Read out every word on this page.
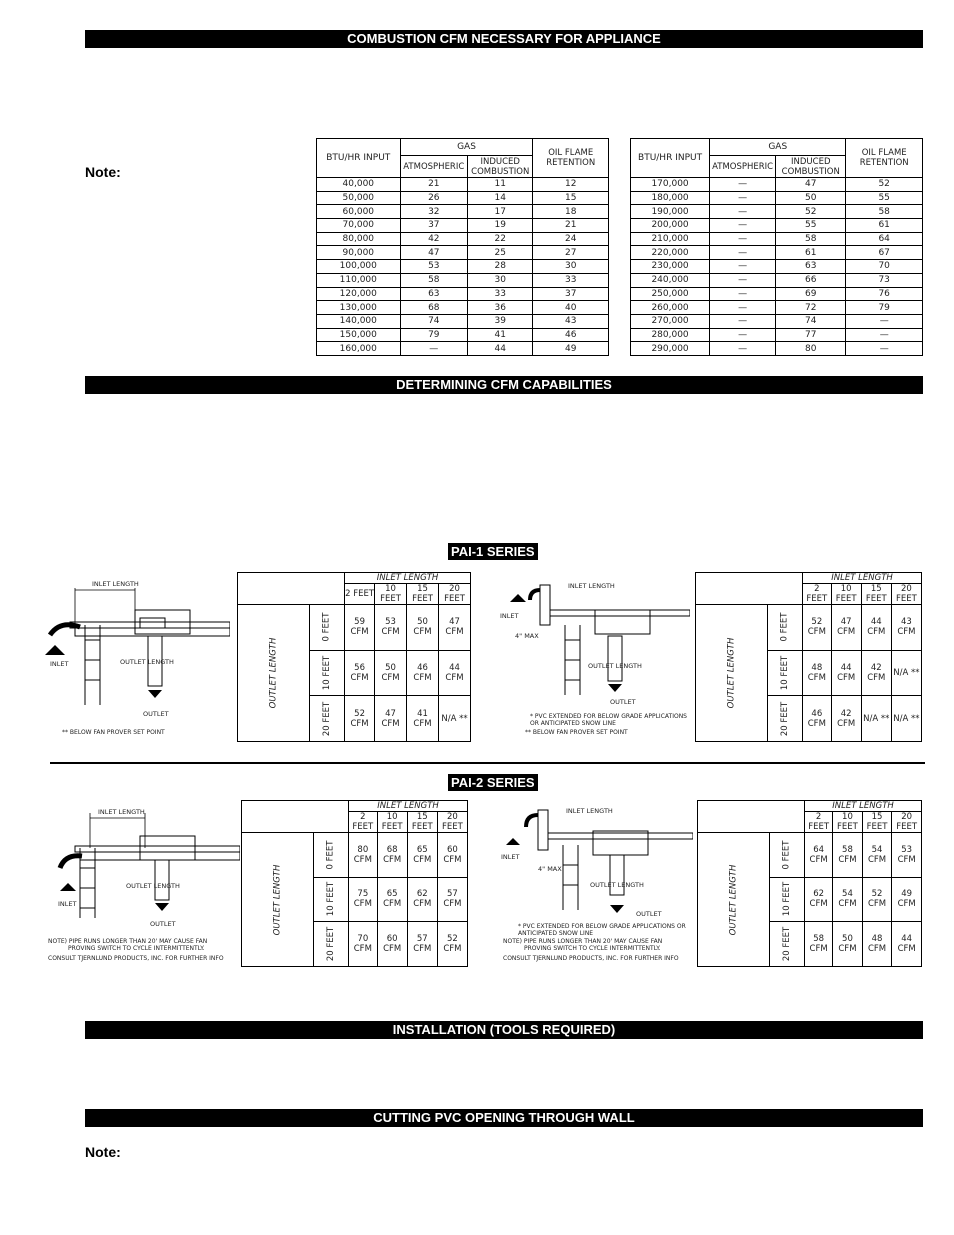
COMBUSTION CFM NECESSARY FOR APPLIANCE
Note:
BTU/HR INPUT	GAS		OIL FLAME RETENTION
	ATMOSPHERIC	INDUCED COMBUSTION	
40,000	21	11	12
50,000	26	14	15
60,000	32	17	18
70,000	37	19	21
80,000	42	22	24
90,000	47	25	27
100,000	53	28	30
110,000	58	30	33
120,000	63	33	37
130,000	68	36	40
140,000	74	39	43
150,000	79	41	46
160,000	—	44	49
BTU/HR INPUT	GAS		OIL FLAME RETENTION
	ATMOSPHERIC	INDUCED COMBUSTION	
170,000	—	47	52
180,000	—	50	55
190,000	—	52	58
200,000	—	55	61
210,000	—	58	64
220,000	—	61	67
230,000	—	63	70
240,000	—	66	73
250,000	—	69	76
260,000	—	72	79
270,000	—	74	—
280,000	—	77	—
290,000	—	80	—
DETERMINING CFM CAPABILITIES
PAI-1 SERIES
INLET LENGTH
INLET	OUTLET LENGTH
OUTLET
** BELOW FAN PROVER SET POINT
		INLET LENGTH			
		2 FEET	10 FEET	15 FEET	20 FEET
OUTLET LENGTH	0 FEET	59 CFM	53 CFM	50 CFM	47 CFM
	10 FEET	56 CFM	50 CFM	46 CFM	44 CFM
	20 FEET	52 CFM	47 CFM	41 CFM	N/A **
INLET LENGTH
INLET
4" MAX
OUTLET LENGTH
OUTLET
* PVC EXTENDED FOR BELOW GRADE APPLICATIONS OR ANTICIPATED SNOW LINE
** BELOW FAN PROVER SET POINT
		INLET LENGTH			
		2 FEET	10 FEET	15 FEET	20 FEET
OUTLET LENGTH	0 FEET	52 CFM	47 CFM	44 CFM	43 CFM
	10 FEET	48 CFM	44 CFM	42 CFM	N/A **
	20 FEET	46 CFM	42 CFM	N/A **	N/A **
PAI-2 SERIES
INLET LENGTH
INLET
OUTLET LENGTH
OUTLET
NOTE) PIPE RUNS LONGER THAN 20' MAY CAUSE FAN
PROVING SWITCH TO CYCLE INTERMITTENTLY.
CONSULT TJERNLUND PRODUCTS, INC. FOR FURTHER INFO
		INLET LENGTH			
		2 FEET	10 FEET	15 FEET	20 FEET
OUTLET LENGTH	0 FEET	80 CFM	68 CFM	65 CFM	60 CFM
	10 FEET	75 CFM	65 CFM	62 CFM	57 CFM
	20 FEET	70 CFM	60 CFM	57 CFM	52 CFM
INLET LENGTH
INLET
4" MAX
OUTLET LENGTH
OUTLET
* PVC EXTENDED FOR BELOW GRADE APPLICATIONS OR ANTICIPATED SNOW LINE
NOTE) PIPE RUNS LONGER THAN 20' MAY CAUSE FAN
PROVING SWITCH TO CYCLE INTERMITTENTLY.
CONSULT TJERNLUND PRODUCTS, INC. FOR FURTHER INFO
		INLET LENGTH			
		2 FEET	10 FEET	15 FEET	20 FEET
OUTLET LENGTH	0 FEET	64 CFM	58 CFM	54 CFM	53 CFM
	10 FEET	62 CFM	54 CFM	52 CFM	49 CFM
	20 FEET	58 CFM	50 CFM	48 CFM	44 CFM
INSTALLATION (TOOLS REQUIRED)
CUTTING PVC OPENING THROUGH WALL
Note:
